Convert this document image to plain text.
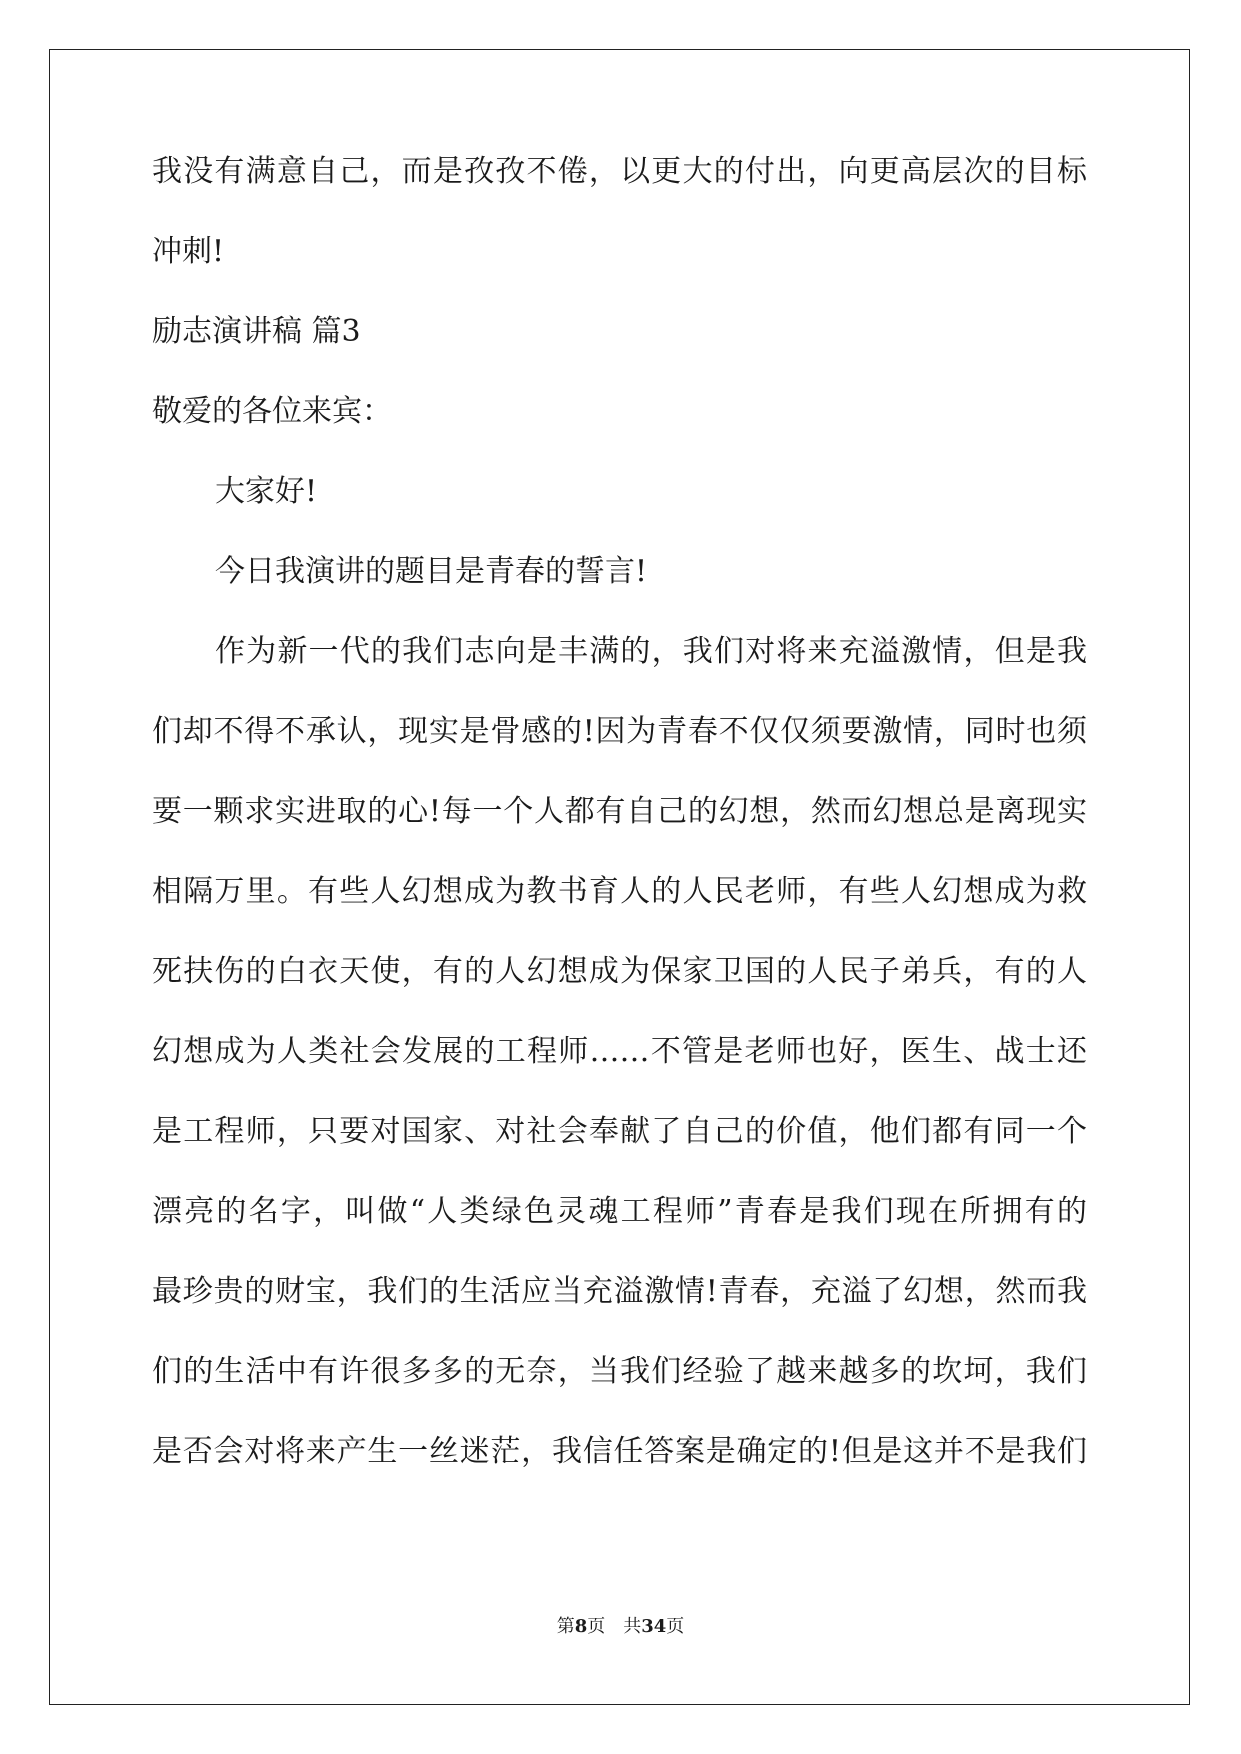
我没有满意自己，而是孜孜不倦，以更大的付出，向更高层次的目标
冲刺!
励志演讲稿 篇3
敬爱的各位来宾：
大家好!
今日我演讲的题目是青春的誓言!
作为新一代的我们志向是丰满的，我们对将来充溢激情，但是我
们却不得不承认，现实是骨感的!因为青春不仅仅须要激情，同时也须
要一颗求实进取的心!每一个人都有自己的幻想，然而幻想总是离现实
相隔万里。有些人幻想成为教书育人的人民老师，有些人幻想成为救
死扶伤的白衣天使，有的人幻想成为保家卫国的人民子弟兵，有的人
幻想成为人类社会发展的工程师……不管是老师也好，医生、战士还
是工程师，只要对国家、对社会奉献了自己的价值，他们都有同一个
漂亮的名字，叫做“人类绿色灵魂工程师”青春是我们现在所拥有的
最珍贵的财宝，我们的生活应当充溢激情!青春，充溢了幻想，然而我
们的生活中有许很多多的无奈，当我们经验了越来越多的坎坷，我们
是否会对将来产生一丝迷茫，我信任答案是确定的!但是这并不是我们
第8页 共34页
